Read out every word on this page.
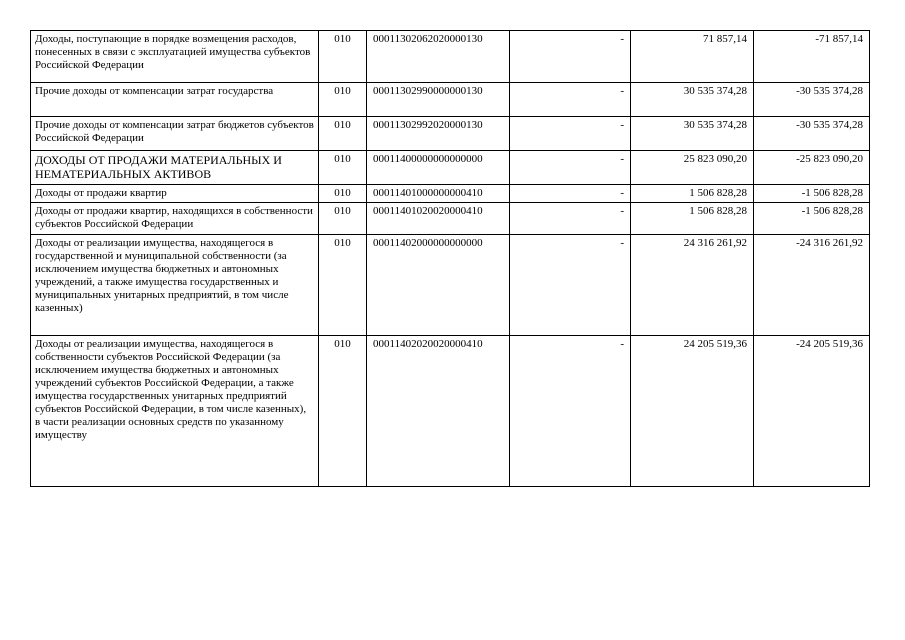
Доходы, поступающие в порядке возмещения расходов, понесенных в связи с эксплуатацией имущества субъектов Российской Федерации	010	00011302062020000130	-	71 857,14	-71 857,14
Прочие доходы от компенсации затрат государства	010	00011302990000000130	-	30 535 374,28	-30 535 374,28
Прочие доходы от компенсации затрат бюджетов субъектов Российской Федерации	010	00011302992020000130	-	30 535 374,28	-30 535 374,28
ДОХОДЫ ОТ ПРОДАЖИ МАТЕРИАЛЬНЫХ И НЕМАТЕРИАЛЬНЫХ АКТИВОВ	010	00011400000000000000	-	25 823 090,20	-25 823 090,20
Доходы от продажи квартир	010	00011401000000000410	-	1 506 828,28	-1 506 828,28
Доходы от продажи квартир, находящихся в собственности субъектов Российской Федерации	010	00011401020020000410	-	1 506 828,28	-1 506 828,28
Доходы от реализации имущества, находящегося в государственной и муниципальной собственности (за исключением имущества бюджетных и автономных учреждений, а также имущества государственных и муниципальных унитарных предприятий, в том числе казенных)	010	00011402000000000000	-	24 316 261,92	-24 316 261,92
Доходы от реализации имущества, находящегося в собственности субъектов Российской Федерации (за исключением имущества бюджетных и автономных учреждений субъектов Российской Федерации, а также имущества государственных унитарных предприятий субъектов Российской Федерации, в том числе казенных), в части реализации основных средств по указанному имуществу	010	00011402020020000410	-	24 205 519,36	-24 205 519,36
